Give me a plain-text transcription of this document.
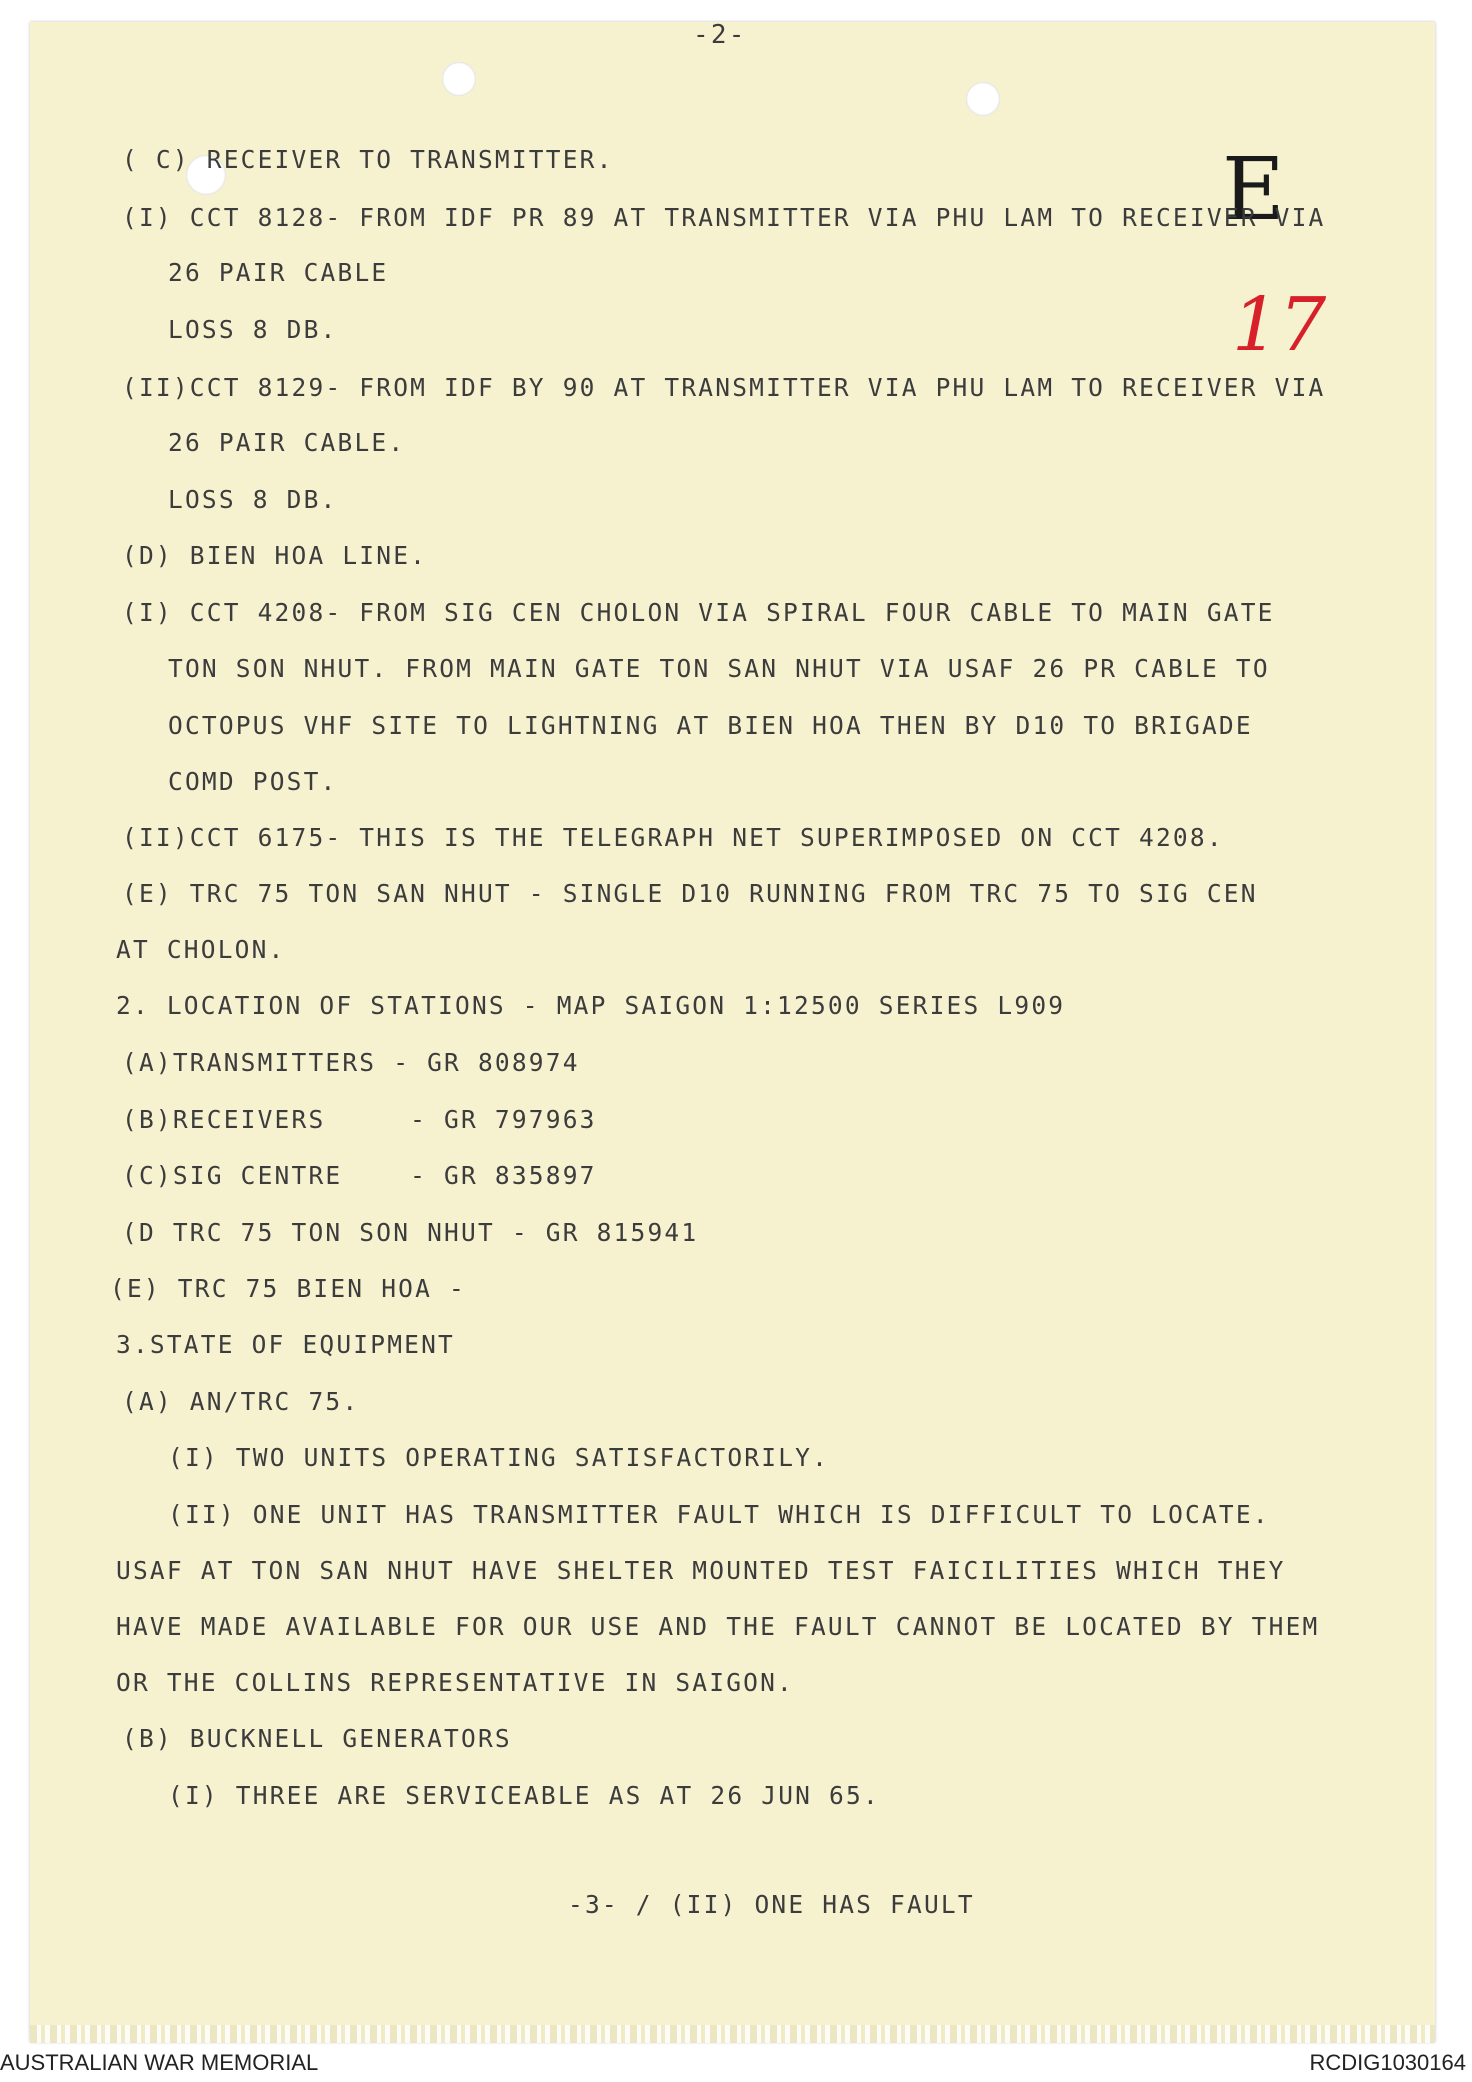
-2-
E
17
( C) RECEIVER TO TRANSMITTER.
(I) CCT 8128- FROM IDF PR 89 AT TRANSMITTER VIA PHU LAM TO RECEIVER VIA
26 PAIR CABLE
LOSS 8 DB.
(II)CCT 8129- FROM IDF BY 90 AT TRANSMITTER VIA PHU LAM TO RECEIVER VIA
26 PAIR CABLE.
LOSS 8 DB.
(D) BIEN HOA LINE.
(I) CCT 4208- FROM SIG CEN CHOLON VIA SPIRAL FOUR CABLE TO MAIN GATE
TON SON NHUT. FROM MAIN GATE TON SAN NHUT VIA USAF 26 PR CABLE TO
OCTOPUS VHF SITE TO LIGHTNING AT BIEN HOA THEN BY D10 TO BRIGADE
COMD POST.
(II)CCT 6175- THIS IS THE TELEGRAPH NET SUPERIMPOSED ON CCT 4208.
(E) TRC 75 TON SAN NHUT - SINGLE D10 RUNNING FROM TRC 75 TO SIG CEN
AT CHOLON.
2. LOCATION OF STATIONS - MAP SAIGON 1:12500 SERIES L909
(A)TRANSMITTERS - GR 808974
(B)RECEIVERS     - GR 797963
(C)SIG CENTRE    - GR 835897
(D TRC 75 TON SON NHUT - GR 815941
(E) TRC 75 BIEN HOA -
3.STATE OF EQUIPMENT
(A) AN/TRC 75.
(I) TWO UNITS OPERATING SATISFACTORILY.
(II) ONE UNIT HAS TRANSMITTER FAULT WHICH IS DIFFICULT TO LOCATE.
USAF AT TON SAN NHUT HAVE SHELTER MOUNTED TEST FAICILITIES WHICH THEY
HAVE MADE AVAILABLE FOR OUR USE AND THE FAULT CANNOT BE LOCATED BY THEM
OR THE COLLINS REPRESENTATIVE IN SAIGON.
(B) BUCKNELL GENERATORS
(I) THREE ARE SERVICEABLE AS AT 26 JUN 65.
-3- / (II) ONE HAS FAULT
AUSTRALIAN WAR MEMORIAL	RCDIG1030164
